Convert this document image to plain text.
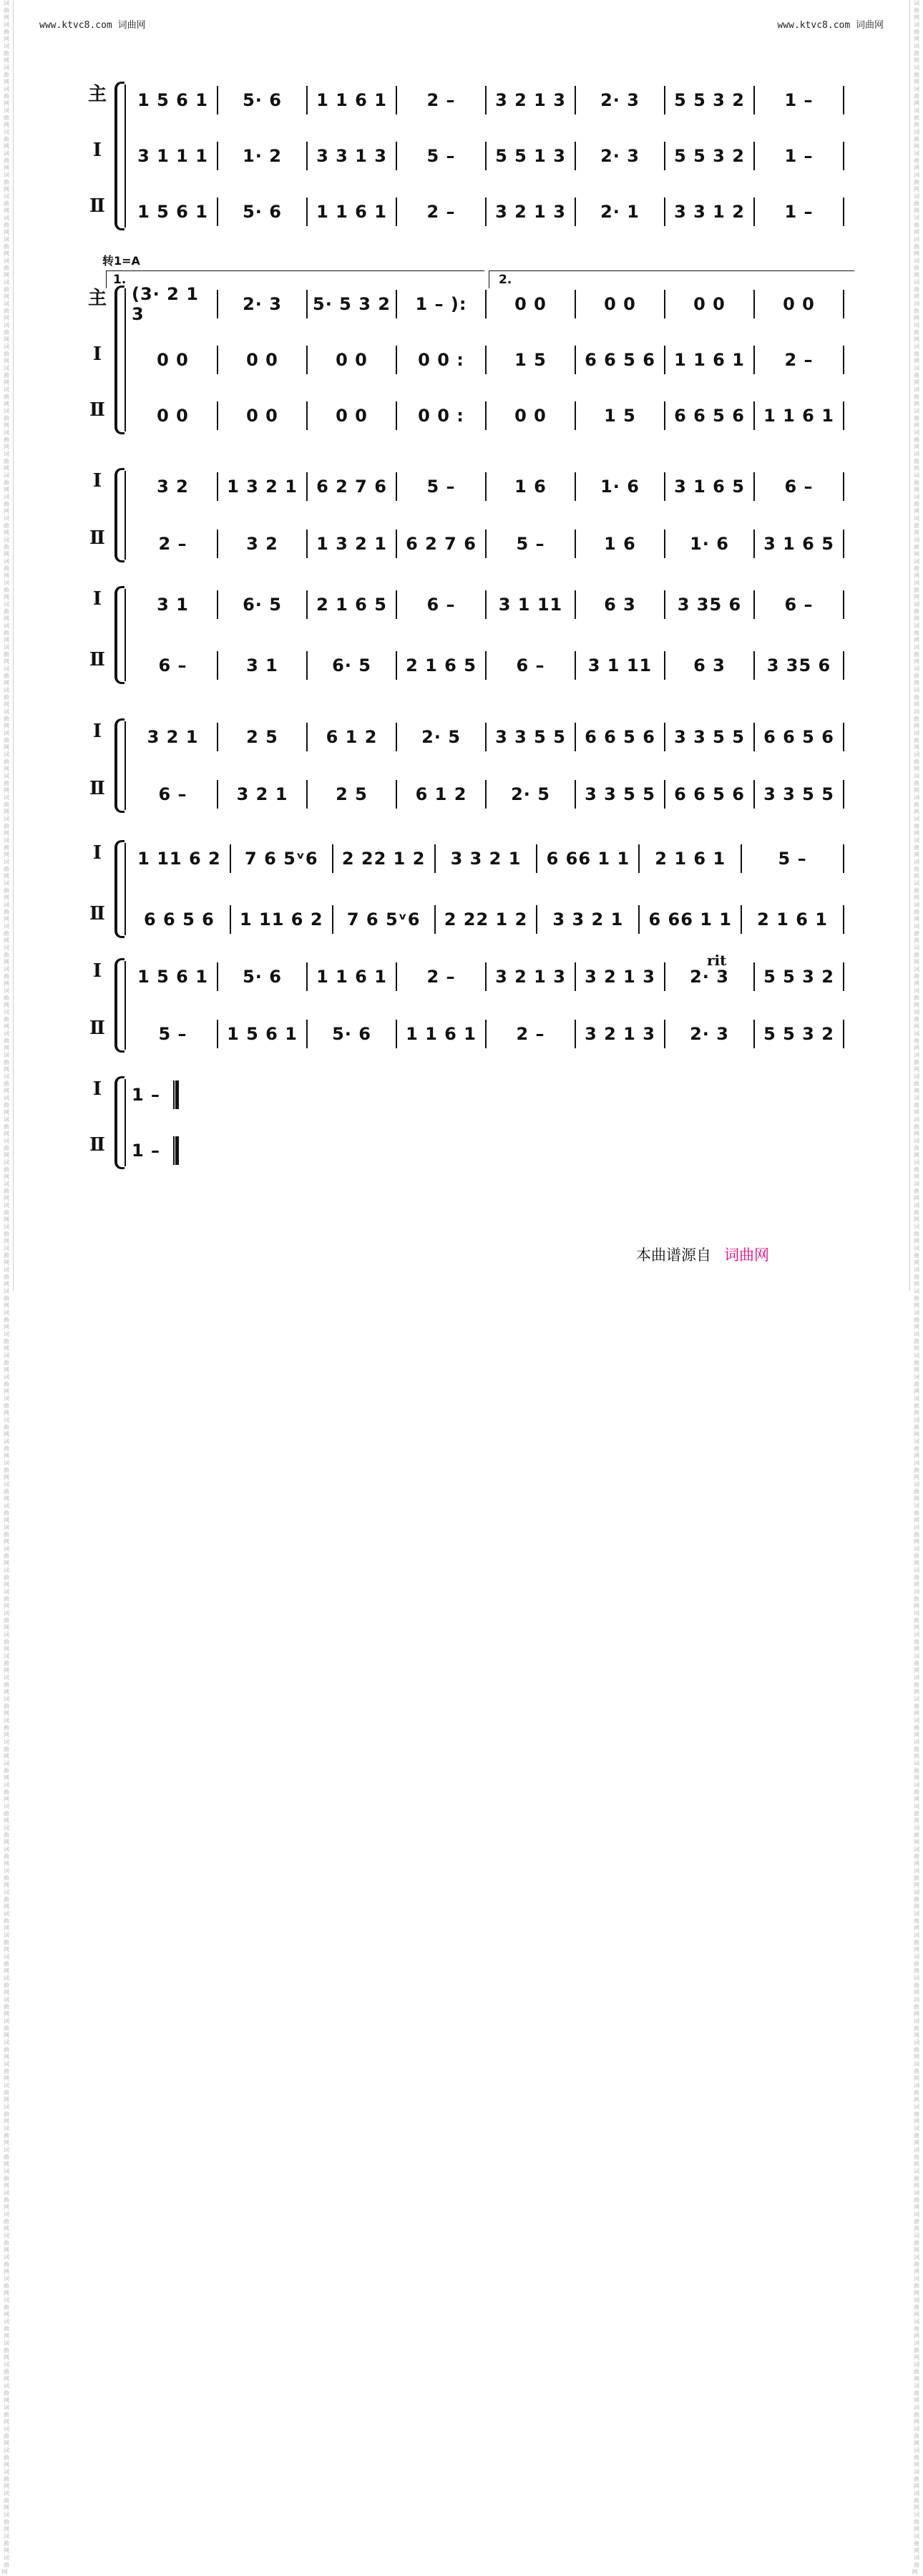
www.ktvc8.com 词曲网	www.ktvc8.com 词曲网
词曲网  词曲网  词曲网  词曲网  词曲网  词曲网  词曲网  词曲网  词曲网  词曲网  词曲网  词曲网  词曲网  词曲网  词曲网  词曲网  词曲网  词曲网  词曲网  词曲网  词曲网  词曲网  词曲网  词曲网  词曲网  词曲网  词曲网  词曲网  词曲网  词曲网  词曲网  词曲网  词曲网  词曲网  词曲网  词曲网  词曲网  词曲网  词曲网  词曲网  词曲网  词曲网  词曲网  词曲网  词曲网  词曲网  词曲网  词曲网  词曲网  词曲网  词曲网  词曲网  词曲网  词曲网  词曲网  词曲网  词曲网  词曲网  词曲网  词曲网  词曲网  词曲网  词曲网  词曲网  词曲网  词曲网  词曲网  词曲网  词曲网  词曲网  词曲网  词曲网  词曲网  词曲网  词曲网  词曲网  词曲网  词曲网  词曲网  词曲网  词曲网  词曲网  词曲网  词曲网  词曲网  词曲网  词曲网  词曲网  词曲网  词曲网  词曲网  词曲网  词曲网  词曲网  词曲网  词曲网  词曲网  词曲网  词曲网  词曲网  词曲网  词曲网  词曲网  词曲网  词曲网  词曲网  词曲网  词曲网  词曲网  词曲网  词曲网  词曲网  词曲网  词曲网  词曲网  词曲网  词曲网  词曲网  词曲网  词曲网
词曲网  词曲网  词曲网  词曲网  词曲网  词曲网  词曲网  词曲网  词曲网  词曲网  词曲网  词曲网  词曲网  词曲网  词曲网  词曲网  词曲网  词曲网  词曲网  词曲网  词曲网  词曲网  词曲网  词曲网  词曲网  词曲网  词曲网  词曲网  词曲网  词曲网  词曲网  词曲网  词曲网  词曲网  词曲网  词曲网  词曲网  词曲网  词曲网  词曲网  词曲网  词曲网  词曲网  词曲网  词曲网  词曲网  词曲网  词曲网  词曲网  词曲网  词曲网  词曲网  词曲网  词曲网  词曲网  词曲网  词曲网  词曲网  词曲网  词曲网  词曲网  词曲网  词曲网  词曲网  词曲网  词曲网  词曲网  词曲网  词曲网  词曲网  词曲网  词曲网  词曲网  词曲网  词曲网  词曲网  词曲网  词曲网  词曲网  词曲网  词曲网  词曲网  词曲网  词曲网  词曲网  词曲网  词曲网  词曲网  词曲网  词曲网  词曲网  词曲网  词曲网  词曲网  词曲网  词曲网  词曲网  词曲网  词曲网  词曲网  词曲网  词曲网  词曲网  词曲网  词曲网  词曲网  词曲网  词曲网  词曲网  词曲网  词曲网  词曲网  词曲网  词曲网  词曲网  词曲网  词曲网  词曲网  词曲网  词曲网
转1=A
1.	2.
rit
主	1 5 6 1	5· 6	1 1 6 1	2 –	3 2 1 3	2· 3	5 5 3 2	1 –
Ⅰ	3 1 1 1	1· 2	3 3 1 3	5 –	5 5 1 3	2· 3	5 5 3 2	1 –
Ⅱ	1 5 6 1	5· 6	1 1 6 1	2 –	3 2 1 3	2· 1	3 3 1 2	1 –
主 (3· 2 1 3	2· 3	5· 5 3 2	1 – ):	0 0	0 0	0 0	0 0
Ⅰ	0 0	0 0	0 0	0 0 :	1 5	6 6 5 6	1 1 6 1	2 –
Ⅱ	0 0	0 0	0 0	0 0 :	0 0	1 5	6 6 5 6	1 1 6 1
Ⅰ	3 2	1 3 2 1	6 2 7 6	5 –	1 6	1· 6	3 1 6 5	6 –
Ⅱ	2 –	3 2	1 3 2 1	6 2 7 6	5 –	1 6	1· 6	3 1 6 5
Ⅰ	3 1	6· 5	2 1 6 5	6 –	3 1 11	6 3	3 35 6	6 –
Ⅱ	6 –	3 1	6· 5	2 1 6 5	6 –	3 1 11	6 3	3 35 6
Ⅰ	3 2 1	2 5	6 1 2	2· 5	3 3 5 5	6 6 5 6	3 3 5 5	6 6 5 6
Ⅱ	6 –	3 2 1	2 5	6 1 2	2· 5	3 3 5 5	6 6 5 6	3 3 5 5
Ⅰ	1 11 6 2	7 6 5ᵛ6	2 22 1 2	3 3 2 1	6 66 1 1	2 1 6 1	5 –
Ⅱ	6 6 5 6	1 11 6 2	7 6 5ᵛ6	2 22 1 2	3 3 2 1	6 66 1 1	2 1 6 1
Ⅰ	1 5 6 1	5· 6	1 1 6 1	2 –	3 2 1 3	3 2 1 3	2· 3	5 5 3 2
Ⅱ	5 –	1 5 6 1	5· 6	1 1 6 1	2 –	3 2 1 3	2· 3	5 5 3 2
Ⅰ	1 –
Ⅱ 1 –
本曲谱源自 词曲网
